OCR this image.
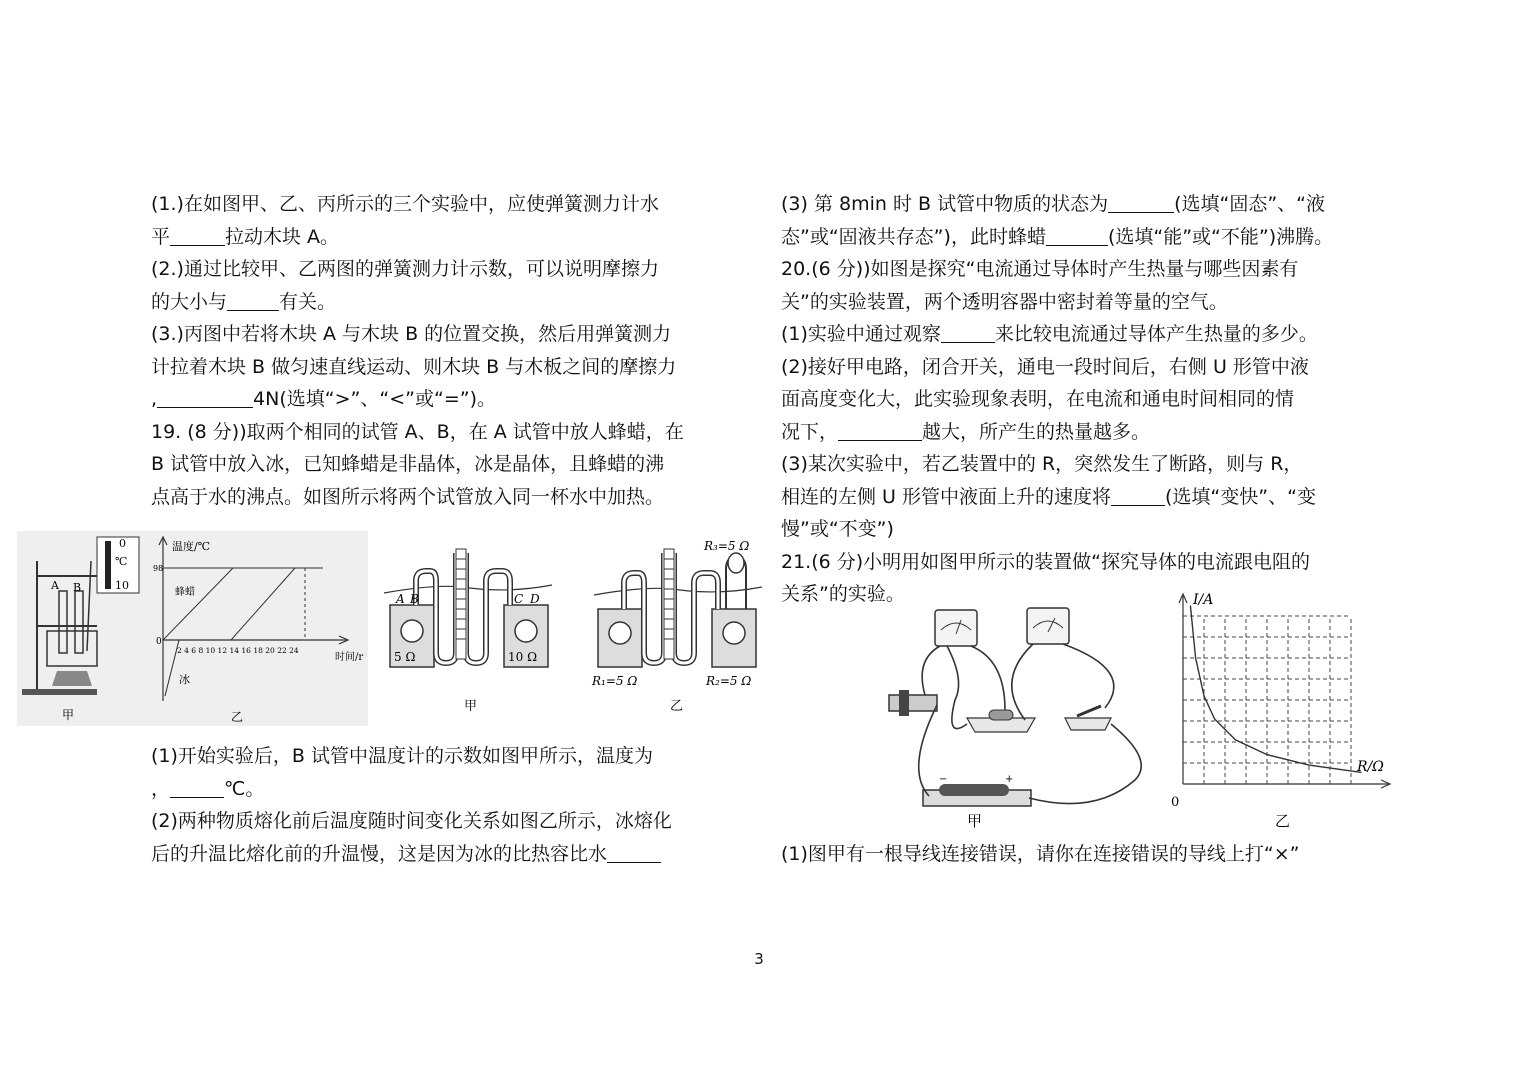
(1.)在如图甲、乙、丙所示的三个实验中，应使弹簧测力计水

平	拉动木块 A。

(2.)通过比较甲、乙两图的弹簧测力计示数，可以说明摩擦力

的大小与	有关。

(3.)丙图中若将木块 A 与木块 B 的位置交换，然后用弹簧测力

计拉着木块 B 做匀速直线运动、则木块 B 与木板之间的摩擦力

,	4N(选填“>”、“<”或“=”)。

19. (8 分))取两个相同的试管 A、B，在 A 试管中放人蜂蜡，在

B 试管中放入冰，已知蜂蜡是非晶体，冰是晶体，且蜂蜡的沸

点高于水的沸点。如图所示将两个试管放入同一杯水中加热。

A B
0
℃
10
甲
温度/℃
98
0
2 4 6 8 10 12 14 16 18 20 22 24
时间/r
蜂蜡
冰
乙
A B	C D
5 Ω	10 Ω
甲
R₃=5 Ω
R₁=5 Ω	R₂=5 Ω
乙

(3) 第 8min 时 B 试管中物质的状态为	(选填“固态”、“液

态”或“固液共存态”)，此时蜂蜡	(选填“能”或“不能”)沸腾。

20.(6 分))如图是探究“电流通过导体时产生热量与哪些因素有

关”的实验装置，两个透明容器中密封着等量的空气。

(1)实验中通过观察	来比较电流通过导体产生热量的多少。

(2)接好甲电路，闭合开关，通电一段时间后，右侧 U 形管中液

面高度变化大，此实验现象表明，在电流和通电时间相同的情

况下，	越大，所产生的热量越多。

(3)某次实验中，若乙装置中的 R，突然发生了断路，则与 R，

相连的左侧 U 形管中液面上升的速度将	(选填“变快”、“变

慢”或“不变”)

21.(6 分)小明用如图甲所示的装置做“探究导体的电流跟电阻的

关系”的实验。

−	+
甲
I/A
R/Ω
0
乙

(1)开始实验后，B 试管中温度计的示数如图甲所示，温度为

，	℃。

(2)两种物质熔化前后温度随时间变化关系如图乙所示，冰熔化

后的升温比熔化前的升温慢，这是因为冰的比热容比水	(1)图甲有一根导线连接错误，请你在连接错误的导线上打“×”

3
